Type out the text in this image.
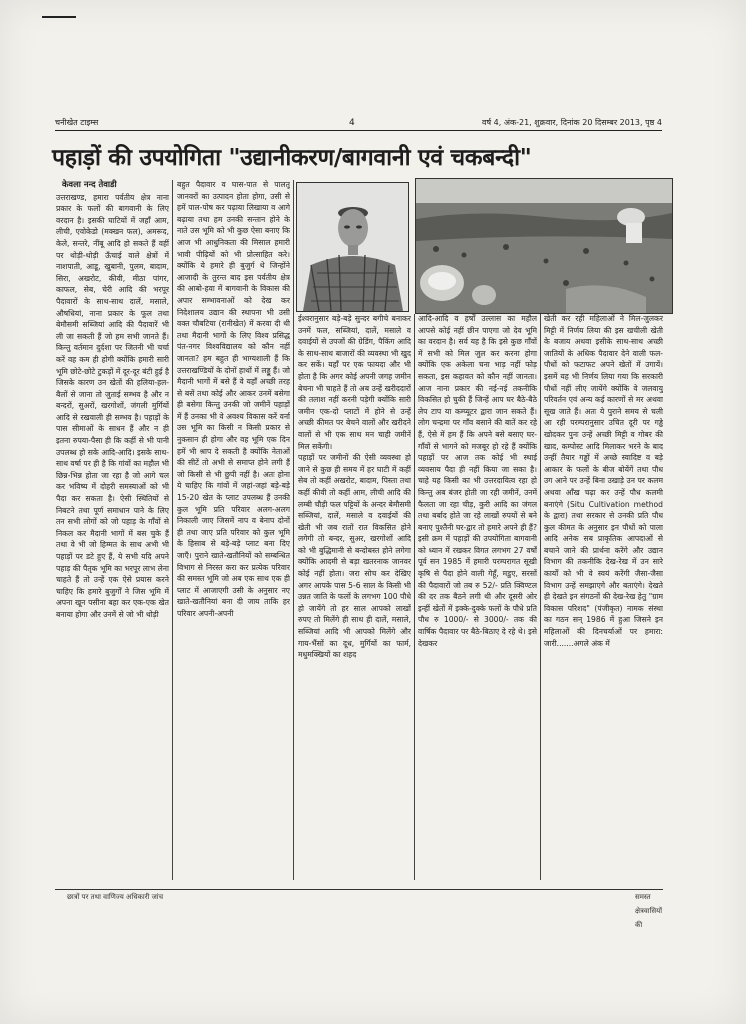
चनीखेत टाइम्स	4	वर्ष 4, अंक-21, शुक्रवार, दिनांक 20 दिसम्बर 2013, पृष्ठ 4
पहाड़ों की उपयोगिता "उद्यानीकरण/बागवानी एवं चकबन्दी"

केवला नन्द तेवाडी

उत्तराखण्ड, हमारा पर्वतीय क्षेत्र नाना प्रकार के फलों की बागवानी के लिए वरदान है। इसकी घाटियों में जहाँ आम, लीची, एवोकेडो (मक्खन फल), अमरूद, केले, सन्तरे, नींबू आदि हो सकते हैं वहीं पर थोड़ी-थोड़ी ऊँचाई वाले क्षेत्रों में नाशपाती, आडू, खुबानी, पुलम, बादाम, सिरा, अखरोट, कीवी, मीठा पांगर, काफल, सेब, चेरी आदि की भरपूर पैदावारों के साथ-साथ दालें, मसाले, औषधियां, नाना प्रकार के फूल तथा बेमौसमी सब्जियां आदि की पैदावारें भी ली जा सकती हैं जो हम सभी जानते हैं। किन्तु वर्तमान दुर्दशा पर जितनी भी चर्चा करें वह कम ही होगी क्योंकि हमारी सारी भूमि छोटे-छोटे टुकड़ों में दूर-दूर बंटी हुई है जिसके कारण उन खेतों की हलिया-हल-बैलों से जाना तो जुताई सम्भव है और न बन्दरों, सुअरों, खरगोशों, जंगली मुर्गियों आदि से रखवाली ही सम्भव है। पहाड़ों के पास सीमाओं के साधन हैं और न ही इतना रुपया-पैसा ही कि कहीं से भी पानी उपलब्ध हो सके आदि-आदि। इसके साथ-साथ वर्षा पर ही है कि गांवों का महौल भी छिन्न-भिन्न होता जा रहा है जो आगे चल कर भविष्य में दोहरी समस्याओं को भी पैदा कर सकता है। ऐसी स्थितियों से निबटने तथा पूर्ण समाधान पाने के लिए तन सभी लोगों को जो पहाड़ के गाँवों से निकल कर मैदानी भागों में बस चुके हैं तथा वे भी जो हिम्मत के साथ अभी भी पहाड़ों पर डटे हुए हैं, ये सभी यदि अपने पहाड़ की पैतृक भूमि का भरपूर लाभ लेना चाहते हैं तो उन्हें एक ऐसे प्रयास करने चाहिए कि हमारे बुजुर्गों ने जिस भूमि में अपना खून पसीना बहा कर एक-एक खेत बनाया होगा और उनमें से जो भी थोड़ी

बहुत पैदावार व घास-पात से पालतू जानवरों का उत्पादन होता होगा, उसी से हमें पाल-पोष कर पढ़ाया लिखाया व आगे बढ़ाया तथा हम उनकी सन्तान होने के नाते उस भूमि को भी कुछ ऐसा बनाए कि आज भी आधुनिकता की मिसाल हमारी भावी पीढ़ियों को भी प्रोत्साहित करे। क्योंकि ये हमारे ही बुजुर्ग थे जिन्होंने आजादी के तुरन्त बाद इस पर्वतीय क्षेत्र की आबो-हवा में बागवानी के विकास की अपार सम्भावनाओं को देख कर निदेशालय उद्यान की स्थापना भी उसी वक्त चौबटिया (रानीखेत) में करवा दी थी तथा मैदानी भागों के लिए विश्व प्रसिद्ध पंत-नगर विश्वविद्यालय को कौन नहीं जानता? हम बहुत ही भाग्यशाली हैं कि उत्तराखण्डियों के दोनों हाथों में लड्डू हैं। जो मैदानी भागों में बसे हैं वे यहाँ अच्छी तरह से बसें तथा कोई और आकर उनमें बसेगा ही बसेगा किन्तु उनकी जो जमीनें पहाड़ों में हैं उनका भी वे अवश्य विकास करें वर्ना उस भूमि का किसी न किसी प्रकार से नुकसान ही होगा और वह भूमि एक दिन हमें भी श्राप दे सकती है क्योंकि नेताओं की सीटें तो अभी से समाप्त होने लगी हैं जो किसी से भी छुपी नहीं है। अतः होना ये चाहिए कि गांवों में जहां-जहां बड़े-बड़े 15-20 खेत के प्लाट उपलब्ध हैं उनकी कुल भूमि प्रति परिवार अलग-अलग निकाली जाए जिसमें नाप व बेनाप दोनों ही तथा जाए प्रति परिवार को कुल भूमि के हिसाब से बड़े-बड़े प्लाट बना दिए जाएँ। पुराने खाते-खतौनियों को सम्बन्धित विभाग से निरस्त करा कर प्रत्येक परिवार की समस्त भूमि जो अब एक साथ एक ही प्लाट में आजाएगी उसी के अनुसार नए खाते-खतौनियां बना दी जाय ताकि हर परिवार अपनी-अपनी

ईश्वरानुसार बड़े-बड़े सुन्दर बगीचे बनाकर उनमें फल, सब्जियां, दालें, मसाले व दवाईयों से उपजों की ग्रेडिंग, पैकिंग आदि के साथ-साथ बाजारों की व्यवस्था भी खुद कर सकें। यहाँ पर एक फायदा और भी होता है कि अगर कोई अपनी जगह जमीन बेचना भी चाहते हैं तो अब उन्हें खरीददारों की तलाश नहीं करनी पड़ेगी क्योंकि सारी जमीन एक-दो प्लाटों में होने से उन्हें अच्छी कीमत पर बेचने वालों और खरीदने वालों से भी एक साथ मन चाही जमीनें मिल सकेंगी।

पहाड़ों पर जमीनों की ऐसी व्यवस्था हो जाने से कुछ ही समय में हर घाटी में कहीं सेब तो कहीं अखरोट, बादाम, पिस्ता तथा कहीं कीवी तो कहीं आम, लीची आदि की लम्बी चौड़ी फल पट्टियों के अन्दर बेमौसमी सब्जियां, दालें, मसाले व दवाईयों की खेती भी जब रातों रात विकसित होने लगेगी तो बन्दर, सुअर, खरगोशों आदि को भी बुद्धिमानी से बन्दोबस्त होने लगेगा क्योंकि आदमी से बड़ा खतरनाक जानवर कोई नहीं होता। जरा सोच कर देखिए अगर आपके पास 5-6 साल के किसी भी उन्नत जाति के फलों के लगभग 100 पौधे हो जायेंगे तो हर साल आपको लाखों रुपए तो मिलेंगे ही साथ ही दालें, मसाले, सब्जियां आदि भी आपको मिलेंगे और गाय-भैंसों का दूध, मुर्गियों का फार्म, मधुमक्खियों का शहद

आदि-आदि व हर्षों उल्लास का महौल आपसे कोई नहीं छीन पाएगा जो देव भूमि का वरदान है। सर्व यह है कि इसे कुछ गाँवों में सभी को मिल जुल कर करना होगा क्योंकि एक अकेला चना भाड़ नहीं फोड़ सकता, इस कहावत को कौन नहीं जानता। आज नाना प्रकार की नई-नई तकनीकि विकसित हो चुकी हैं जिन्हें आप घर बैठे-बैठे लेप टाप या कम्प्यूटर द्वारा जान सकते हैं। लोग चन्द्रमा पर गाँव बसाने की बातें कर रहे हैं, ऐसे में हम हैं कि अपने बसे बसाए घर-गाँवों से भागने को मजबूर हो रहे हैं क्योंकि पहाड़ों पर आज तक कोई भी स्थाई व्यवसाय पैदा ही नहीं किया जा सका है। चाहे यह किसी का भी उत्तरदायित्व रहा हो किन्तु अब बंजर होती जा रही जमीनें, उनमें फैलता जा रहा चीड़, कुरी आदि का जंगल तथा बर्बाद होते जा रहे लाखों रुपयों से बने बनाए पुश्तैनी घर-द्वार तो हमारे अपने ही हैं? इसी क्रम में पहाड़ों की उपयोगिता बागवानी को ध्यान में रखकर विगत लगभग 27 वर्षों पूर्व सन 1985 में हमारी परम्परागत सूखी कृषि से पैदा होने वाली गेहूँ, मडुए, सरसों की पैदावारों जो तब रु 52/- प्रति क्विण्टल की दर तक बैठने लगी थी और दूसरी ओर इन्हीं खेतों में इक्के-दुक्के फलों के पौधे प्रति पौध रु 1000/- से 3000/- तक की वार्षिक पैदावार पर बैठे-बिठाए दे रहे थे। इसे देखकर

खेती कर रही महिलाओं ने मिल-जुलकर मिट्टी में निर्णय लिया की इस खचीली खेती के बजाय अथवा इसीके साथ-साथ अच्छी जातियों के अधिक पैदावार देने वाली फल-पौधों को फटाफट अपने खेतों में उगायें। इसमें यह भी निर्णय लिया गया कि सरकारी पौधों नहीं लीए जायेंगे क्योंकि वे जलवायु परिवर्तन एवं अन्य कई कारणों से मर अथवा सूख जाते हैं। अतः ये पुराने समय से चली आ रही परम्परानुसार उचित दूरी पर गड्ढे खोदकर पुनः उन्हें अच्छी मिट्टी व गोबर की खाद, कम्पोस्ट आदि मिलाकर भरने के बाद उन्हीं तैयार गड्ढों में अच्छे स्वादिष्ट व बड़े आकार के फलों के बीज बोयेंगें तथा पौध उग आने पर उन्हें बिना उखाड़े उन पर कलम अथवा आँख चढ़ा कर उन्हें पौध कलमी बनाएंगे (Situ Cultivation method के द्वारा) तथा सरकार से उनकी प्रति पौध कुल कीमत के अनुसार इन पौधों को पाला आदि अनेक सब प्राकृतिक आपदाओं से बचाने जाने की प्रार्थना करेंगे और उद्यान विभाग की तकनीकि देख-रेख में उन सारे कार्यों को भी वे स्वयं करेंगी जैसा-जैसा विभाग उन्हें समझाएगे और बताएंगे। देखते ही देखते इन संगठनों की देख-रेख हेतु "ग्राम विकास परिशद" (पंजीकृत) नामक संस्था का गठन सन् 1986 में हुआ जिसने इन महिलाओं की दिनचर्याओं पर हमारा: जारी.......अगले अंक में

छात्रों पर तथा वाणिज्य अधिकारी जांच	समस्त क्षेत्रवासियों की
